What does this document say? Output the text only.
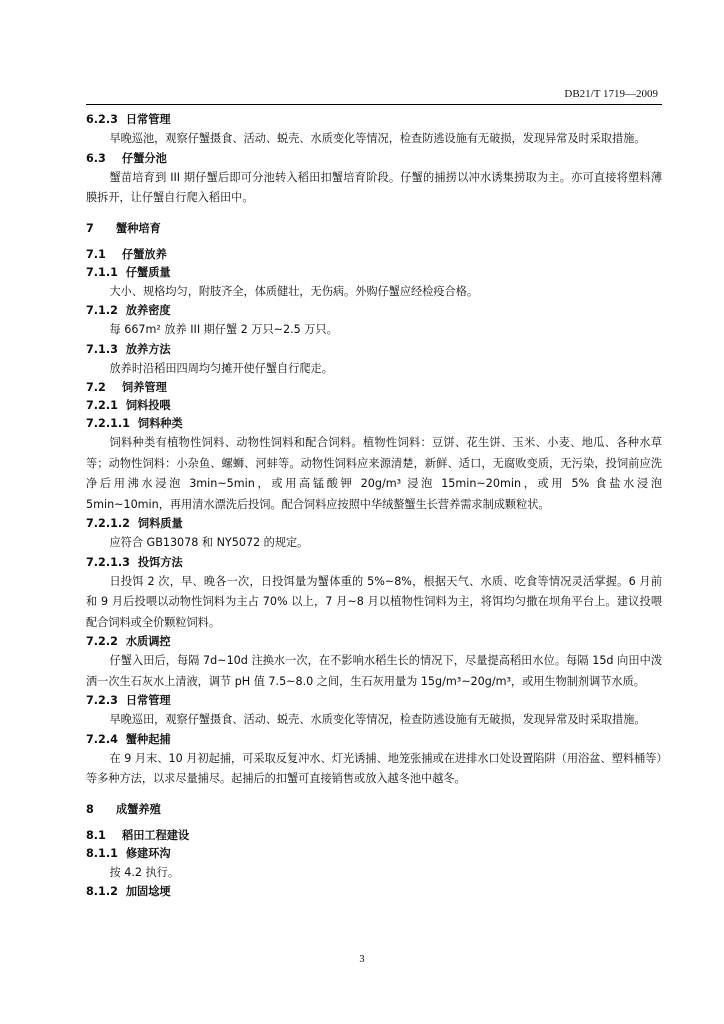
DB21/T 1719—2009
6.2.3 日常管理

早晚巡池，观察仔蟹摄食、活动、蜕壳、水质变化等情况，检查防逃设施有无破损，发现异常及时采取措施。

6.3 仔蟹分池

蟹苗培育到 III 期仔蟹后即可分池转入稻田扣蟹培育阶段。仔蟹的捕捞以冲水诱集捞取为主。亦可直接将塑料薄膜拆开，让仔蟹自行爬入稻田中。

7 蟹种培育
7.1 仔蟹放养
7.1.1 仔蟹质量

大小、规格均匀，附肢齐全，体质健壮，无伤病。外购仔蟹应经检疫合格。

7.1.2 放养密度

每 667m² 放养 III 期仔蟹 2 万只~2.5 万只。

7.1.3 放养方法

放养时沿稻田四周均匀摊开使仔蟹自行爬走。

7.2 饲养管理
7.2.1 饲料投喂
7.2.1.1 饲料种类

饲料种类有植物性饲料、动物性饲料和配合饲料。植物性饲料：豆饼、花生饼、玉米、小麦、地瓜、各种水草等；动物性饲料：小杂鱼、螺蛳、河蚌等。动物性饲料应来源清楚，新鲜、适口，无腐败变质，无污染，投饲前应洗净后用沸水浸泡 3min~5min，或用高锰酸钾 20g/m³ 浸泡 15min~20min，或用 5% 食盐水浸泡 5min~10min，再用清水漂洗后投饲。配合饲料应按照中华绒螯蟹生长营养需求制成颗粒状。

7.2.1.2 饲料质量

应符合 GB13078 和 NY5072 的规定。

7.2.1.3 投饵方法

日投饵 2 次，早、晚各一次，日投饵量为蟹体重的 5%~8%，根据天气、水质、吃食等情况灵活掌握。6 月前和 9 月后投喂以动物性饲料为主占 70% 以上，7 月~8 月以植物性饲料为主，将饵均匀撒在坝角平台上。建议投喂配合饲料或全价颗粒饲料。

7.2.2 水质调控

仔蟹入田后，每隔 7d~10d 注换水一次，在不影响水稻生长的情况下，尽量提高稻田水位。每隔 15d 向田中泼洒一次生石灰水上清液，调节 pH 值 7.5~8.0 之间，生石灰用量为 15g/m³~20g/m³，或用生物制剂调节水质。

7.2.3 日常管理

早晚巡田，观察仔蟹摄食、活动、蜕壳、水质变化等情况，检查防逃设施有无破损，发现异常及时采取措施。

7.2.4 蟹种起捕

在 9 月末、10 月初起捕，可采取反复冲水、灯光诱捕、地笼张捕或在进排水口处设置陷阱（用浴盆、塑料桶等）等多种方法，以求尽量捕尽。起捕后的扣蟹可直接销售或放入越冬池中越冬。

8 成蟹养殖
8.1 稻田工程建设
8.1.1 修建环沟

按 4.2 执行。

8.1.2 加固埝埂
3
